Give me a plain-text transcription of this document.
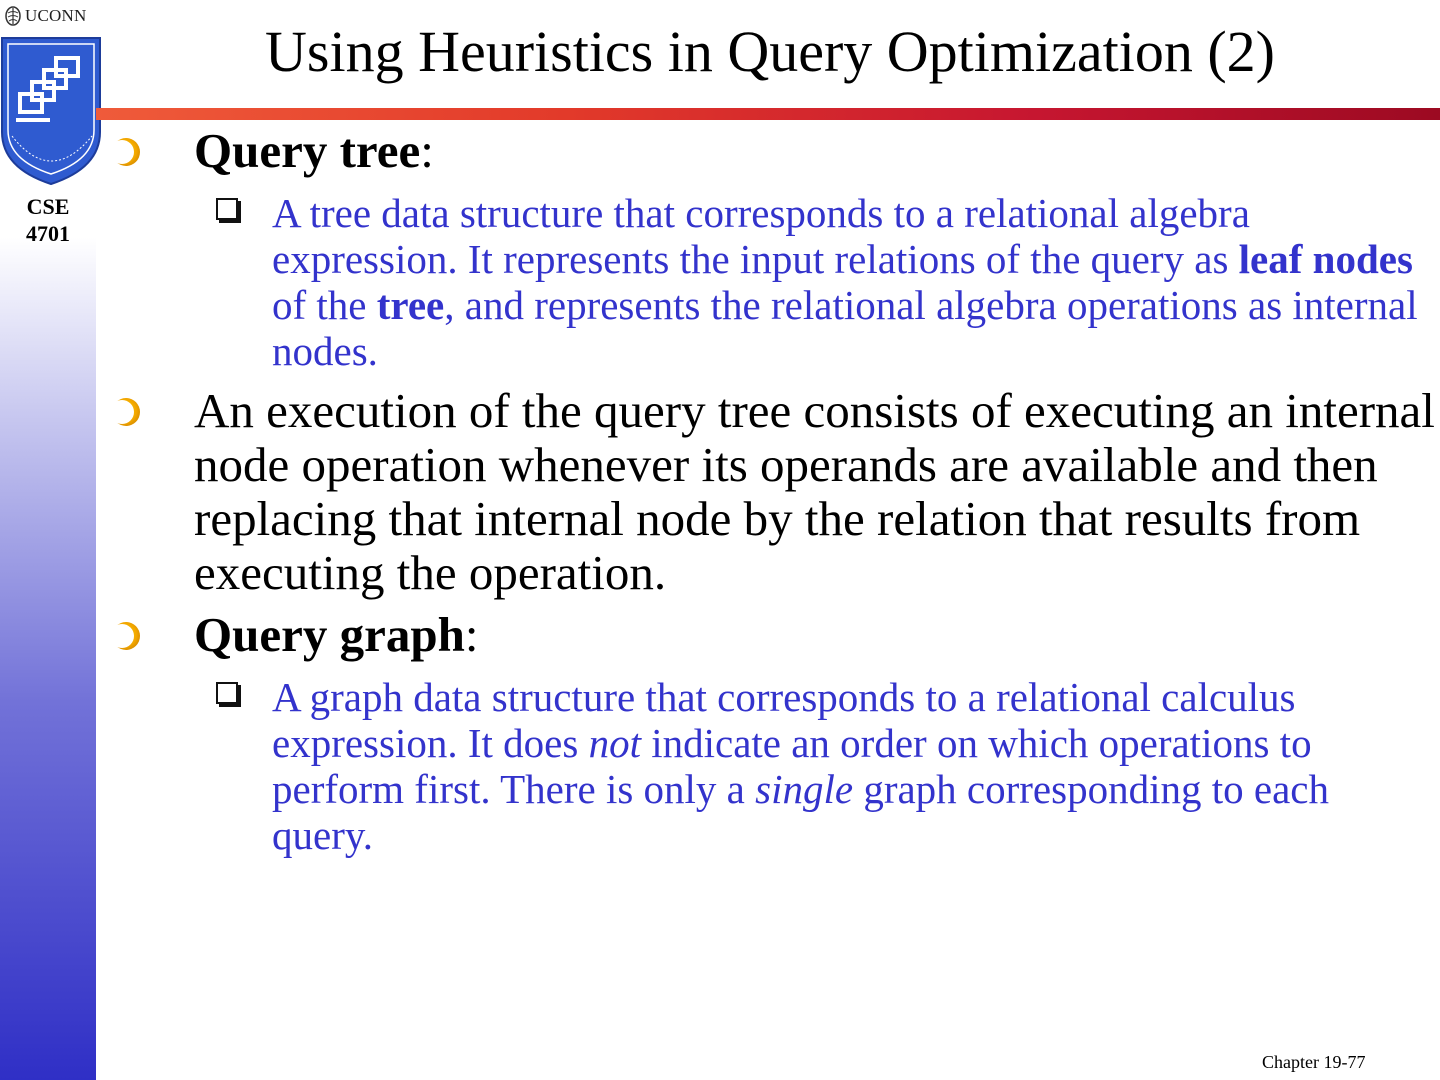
UCONN
CSE
4701
Using Heuristics in Query Optimization (2)
Query tree:
A tree data structure that corresponds to a relational algebra expression. It represents the input relations of the query as leaf nodes of the tree, and represents the relational algebra operations as internal nodes.
An execution of the query tree consists of executing an internal node operation whenever its operands are available and then replacing that internal node by the relation that results from executing the operation.
Query graph:
A graph data structure that corresponds to a relational calculus expression. It does not indicate an order on which operations to perform first. There is only a single graph corresponding to each query.
Chapter 19-77
